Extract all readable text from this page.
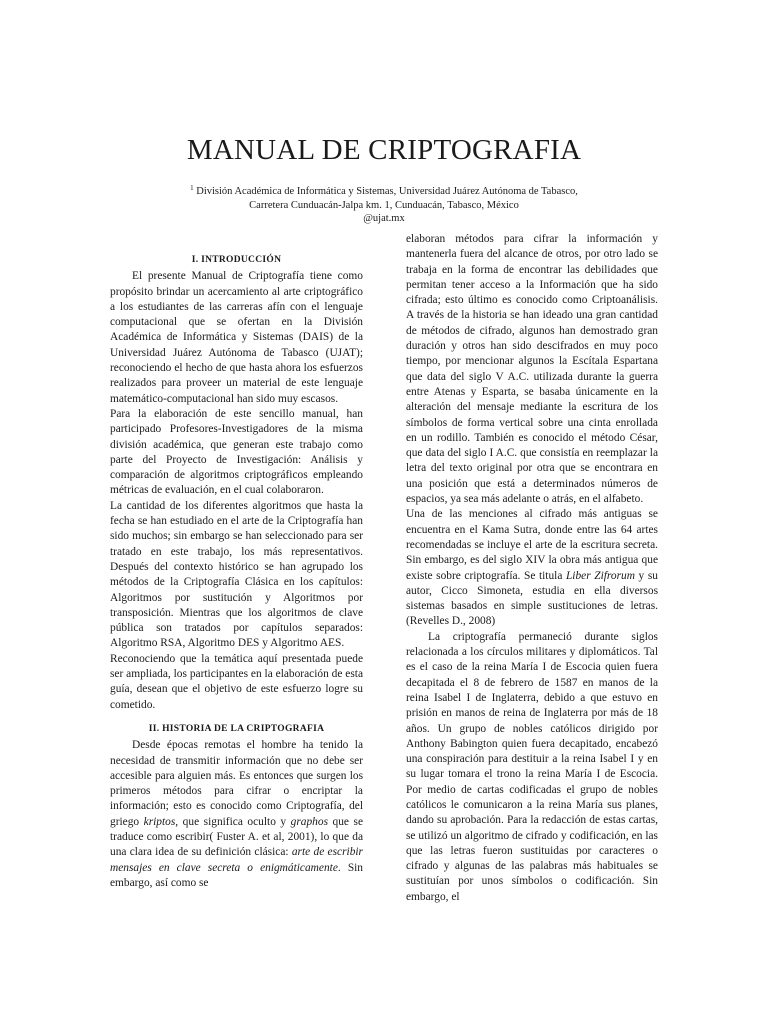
MANUAL DE CRIPTOGRAFIA
$^1$ División Académica de Informática y Sistemas, Universidad Juárez Autónoma de Tabasco,
Carretera Cunduacán-Jalpa km. 1, Cunduacán, Tabasco, México
@ujat.mx
I. INTRODUCCIÓN

El presente Manual de Criptografía tiene como propósito brindar un acercamiento al arte criptográfico a los estudiantes de las carreras afín con el lenguaje computacional que se ofertan en la División Académica de Informática y Sistemas (DAIS) de la Universidad Juárez Autónoma de Tabasco (UJAT); reconociendo el hecho de que hasta ahora los esfuerzos realizados para proveer un material de este lenguaje matemático-computacional han sido muy escasos.

Para la elaboración de este sencillo manual, han participado Profesores-Investigadores de la misma división académica, que generan este trabajo como parte del Proyecto de Investigación: Análisis y comparación de algoritmos criptográficos empleando métricas de evaluación, en el cual colaboraron.

La cantidad de los diferentes algoritmos que hasta la fecha se han estudiado en el arte de la Criptografía han sido muchos; sin embargo se han seleccionado para ser tratado en este trabajo, los más representativos. Después del contexto histórico se han agrupado los métodos de la Criptografía Clásica en los capítulos: Algoritmos por sustitución y Algoritmos por transposición. Mientras que los algoritmos de clave pública son tratados por capítulos separados: Algoritmo RSA, Algoritmo DES y Algoritmo AES.

Reconociendo que la temática aquí presentada puede ser ampliada, los participantes en la elaboración de esta guía, desean que el objetivo de este esfuerzo logre su cometido.

II. HISTORIA DE LA CRIPTOGRAFIA

Desde épocas remotas el hombre ha tenido la necesidad de transmitir información que no debe ser accesible para alguien más. Es entonces que surgen los primeros métodos para cifrar o encriptar la información; esto es conocido como Criptografía, del griego kriptos, que significa oculto y graphos que se traduce como escribir( Fuster A. et al, 2001), lo que da una clara idea de su definición clásica: arte de escribir mensajes en clave secreta o enigmáticamente. Sin embargo, así como se

elaboran métodos para cifrar la información y mantenerla fuera del alcance de otros, por otro lado se trabaja en la forma de encontrar las debilidades que permitan tener acceso a la Información que ha sido cifrada; esto último es conocido como Criptoanálisis. A través de la historia se han ideado una gran cantidad de métodos de cifrado, algunos han demostrado gran duración y otros han sido descifrados en muy poco tiempo, por mencionar algunos la Escítala Espartana que data del siglo V A.C. utilizada durante la guerra entre Atenas y Esparta, se basaba únicamente en la alteración del mensaje mediante la escritura de los símbolos de forma vertical sobre una cinta enrollada en un rodillo. También es conocido el método César, que data del siglo I A.C. que consistía en reemplazar la letra del texto original por otra que se encontrara en una posición que está a determinados números de espacios, ya sea más adelante o atrás, en el alfabeto.

Una de las menciones al cifrado más antiguas se encuentra en el Kama Sutra, donde entre las 64 artes recomendadas se incluye el arte de la escritura secreta. Sin embargo, es del siglo XIV la obra más antigua que existe sobre criptografía. Se titula Liber Zifrorum y su autor, Cicco Simoneta, estudia en ella diversos sistemas basados en simple sustituciones de letras. (Revelles D., 2008)

La criptografía permaneció durante siglos relacionada a los círculos militares y diplomáticos. Tal es el caso de la reina María I de Escocia quien fuera decapitada el 8 de febrero de 1587 en manos de la reina Isabel I de Inglaterra, debido a que estuvo en prisión en manos de reina de Inglaterra por más de 18 años. Un grupo de nobles católicos dirigido por Anthony Babington quien fuera decapitado, encabezó una conspiración para destituir a la reina Isabel I y en su lugar tomara el trono la reina María I de Escocia. Por medio de cartas codificadas el grupo de nobles católicos le comunicaron a la reina María sus planes, dando su aprobación. Para la redacción de estas cartas, se utilizó un algoritmo de cifrado y codificación, en las que las letras fueron sustituidas por caracteres o cifrado y algunas de las palabras más habituales se sustituían por unos símbolos o codificación. Sin embargo, el
